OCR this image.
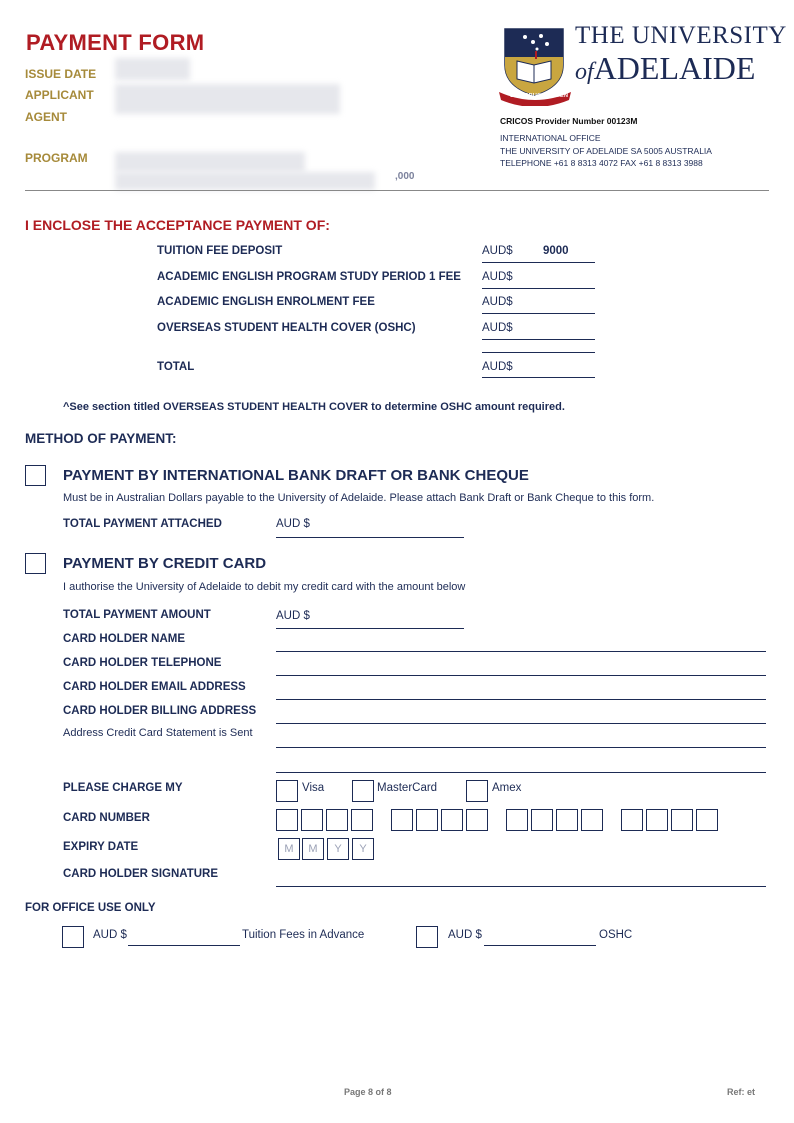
PAYMENT FORM
ISSUE DATE
APPLICANT
AGENT
PROGRAM
,000
SUB CRUCE LUMEN
THE UNIVERSITY
ofADELAIDE
CRICOS Provider Number 00123M
INTERNATIONAL OFFICE
THE UNIVERSITY OF ADELAIDE SA 5005 AUSTRALIA
TELEPHONE +61 8 8313 4072 FAX +61 8 8313 3988
I ENCLOSE THE ACCEPTANCE PAYMENT OF:
TUITION FEE DEPOSIT	AUD$	9000
ACADEMIC ENGLISH PROGRAM STUDY PERIOD 1 FEE AUD$
ACADEMIC ENGLISH ENROLMENT FEE	AUD$
OVERSEAS STUDENT HEALTH COVER (OSHC)	AUD$
TOTAL	AUD$
^See section titled OVERSEAS STUDENT HEALTH COVER to determine OSHC amount required.
METHOD OF PAYMENT:
PAYMENT BY INTERNATIONAL BANK DRAFT OR BANK CHEQUE
Must be in Australian Dollars payable to the University of Adelaide. Please attach Bank Draft or Bank Cheque to this form.
TOTAL PAYMENT ATTACHED	AUD $
PAYMENT BY CREDIT CARD
I authorise the University of Adelaide to debit my credit card with the amount below
TOTAL PAYMENT AMOUNT	AUD $
CARD HOLDER NAME
CARD HOLDER TELEPHONE
CARD HOLDER EMAIL ADDRESS
CARD HOLDER BILLING ADDRESS
Address Credit Card Statement is Sent
PLEASE CHARGE MY	Visa	MasterCard	Amex
CARD NUMBER
EXPIRY DATE	M	M	Y	Y
CARD HOLDER SIGNATURE
FOR OFFICE USE ONLY
AUD $	Tuition Fees in Advance	AUD $	OSHC
Page 8 of 8	Ref: et
